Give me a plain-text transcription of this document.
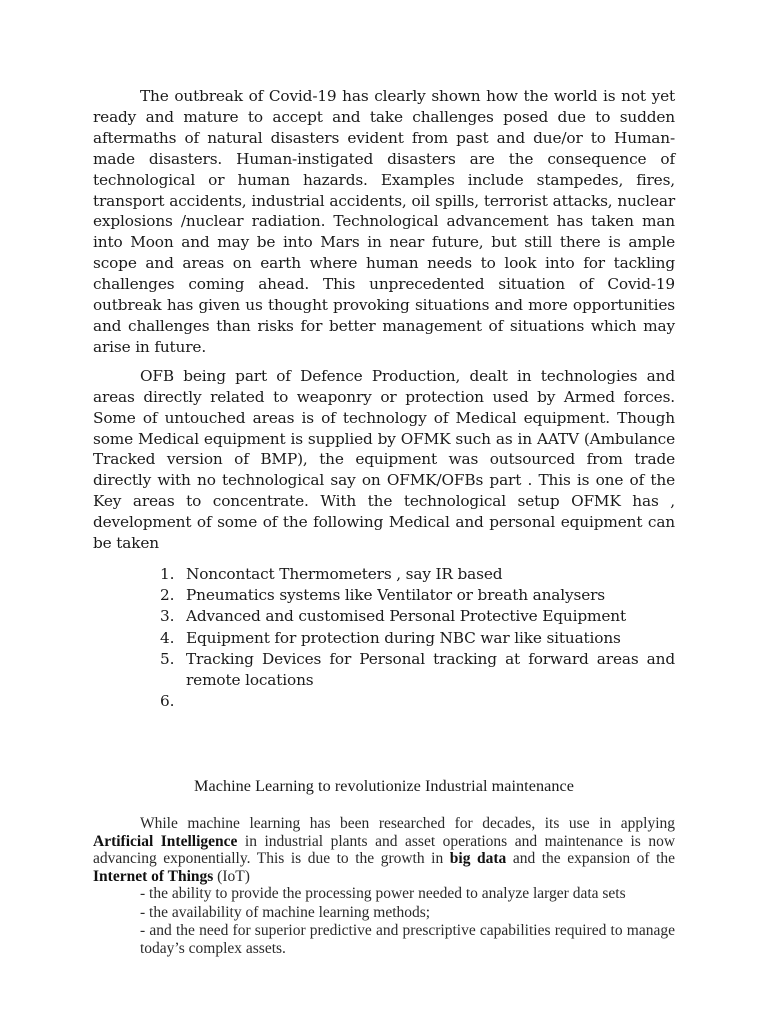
The outbreak of Covid-19 has clearly shown how the world is not yet ready and mature to accept and take challenges posed due to sudden aftermaths of natural disasters evident from past and due/or to Human-made disasters. Human-instigated disasters are the consequence of technological or human hazards. Examples include stampedes, fires, transport accidents, industrial accidents, oil spills, terrorist attacks, nuclear explosions /nuclear radiation. Technological advancement has taken man into Moon and may be into Mars in near future, but still there is ample scope and areas on earth where human needs to look into for tackling challenges coming ahead. This unprecedented situation of Covid-19 outbreak has given us thought provoking situations and more opportunities and challenges than risks for better management of situations which may arise in future.

OFB being part of Defence Production, dealt in technologies and areas directly related to weaponry or protection used by Armed forces. Some of untouched areas is of technology of Medical equipment. Though some Medical equipment is supplied by OFMK such as in AATV (Ambulance Tracked version of BMP), the equipment was outsourced from trade directly with no technological say on OFMK/OFBs part . This is one of the Key areas to concentrate. With the technological setup OFMK has , development of some of the following Medical and personal equipment can be taken

1. Noncontact Thermometers , say IR based
2. Pneumatics systems like Ventilator or breath analysers
3. Advanced and customised Personal Protective Equipment
4. Equipment for protection during NBC war like situations
5. Tracking Devices for Personal tracking at forward areas and remote locations
6.
Machine Learning to revolutionize Industrial maintenance

While machine learning has been researched for decades, its use in applying Artificial Intelligence in industrial plants and asset operations and maintenance is now advancing exponentially. This is due to the growth in big data and the expansion of the Internet of Things (IoT)

- the ability to provide the processing power needed to analyze larger data sets

- the availability of machine learning methods;

- and the need for superior predictive and prescriptive capabilities required to manage today’s complex assets.
